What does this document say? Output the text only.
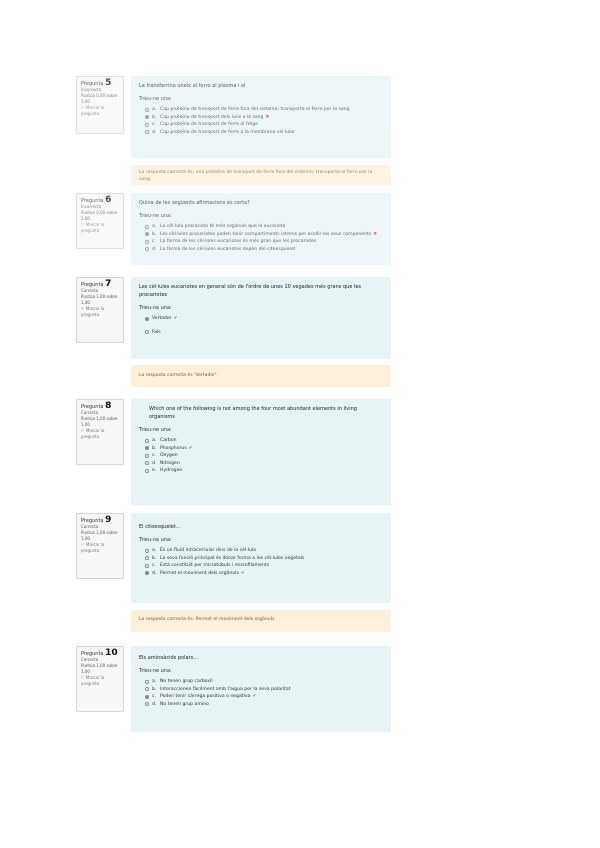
Pregunta 5
Incorrecta
Puntúa 0,00 sobre 1,00
⚐ Marcar la pregunta
La transferrina uneix el ferro al plasma i el
Trieu-ne una:
a. Cap proteïna de transport de ferro fora del sistema; transporta el ferro per la sang
b. Cap proteïna de transport dels ions a la sang ✖
c. Cap proteïna de transport de ferro al fetge
d. Cap proteïna de transport de ferro a la membrana cel·lular
La resposta correcta és: una proteïna de transport de ferro fora del sistema; transporta el ferro per la sang
Pregunta 6
Incorrecta
Puntúa 0,00 sobre 1,00
⚐ Marcar la pregunta
Quina de les següents afirmacions és certa?
Trieu-ne una:
a. La cèl·lula procariota té més orgànuls que la eucariota
b. Les cèl·lules procariotes poden tenir compartiments interns per acollir els seus components ✖
c. La forma de les cèl·lules eucariotes és més gran que les procariotes
d. La forma de les cèl·lules eucariotes depèn del citoesquelet
Pregunta 7
Correcta
Puntúa 1,00 sobre 1,00
⚐ Marcar la pregunta
Les cèl·lules eucariotes en general són de l'ordre de unes 10 vegades més grans que les procariotes
Trieu-ne una:
Vertader ✔
Fals
La resposta correcta és 'Vertader'.
Pregunta 8
Correcta
Puntúa 1,00 sobre 1,00
⚐ Marcar la pregunta
Which one of the following is not among the four most abundant elements in living organisms
Trieu-ne una:
a. Carbon
b. Phosphorus ✔
c. Oxygen
d. Nitrogen
e. Hydrogen
Pregunta 9
Correcta
Puntúa 1,00 sobre 1,00
⚐ Marcar la pregunta
El citoesquelet...
Trieu-ne una:
a. És un fluid intracel·lular dins de la cèl·lula
b. La seva funció principal és donar forma a les cèl·lules vegetals
c. Està constituït per microtúbuls i microfilaments
d. Permet el moviment dels orgànuls ✔
La resposta correcta és: Permet el moviment dels orgànuls
Pregunta 10
Correcta
Puntúa 1,00 sobre 1,00
⚐ Marcar la pregunta
Els aminoàcids polars...
Trieu-ne una:
a. No tenen grup carboxil
b. Interaccionen fàcilment amb l'aigua per la seva polaritat
c. Poden tenir càrrega positiva o negativa ✔
d. No tenen grup amino
